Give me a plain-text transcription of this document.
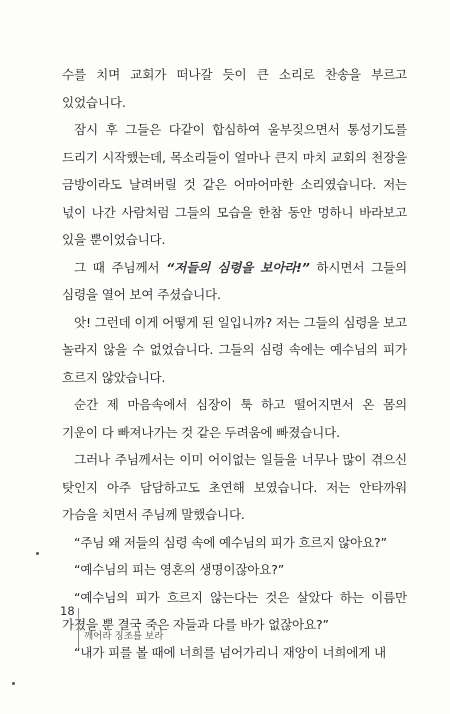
수를 치며 교회가 떠나갈 듯이 큰 소리로 찬송을 부르고 있었습니다.

잠시 후 그들은 다같이 합심하여 울부짖으면서 통성기도를 드리기 시작했는데, 목소리들이 얼마나 큰지 마치 교회의 천장을 금방이라도 날려버릴 것 같은 어마어마한 소리였습니다. 저는 넋이 나간 사람처럼 그들의 모습을 한참 동안 멍하니 바라보고 있을 뿐이었습니다.

그 때 주님께서 “저들의 심령을 보아라!” 하시면서 그들의 심령을 열어 보여 주셨습니다.

앗! 그런데 이게 어떻게 된 일입니까? 저는 그들의 심령을 보고 놀라지 않을 수 없었습니다. 그들의 심령 속에는 예수님의 피가 흐르지 않았습니다.

순간 제 마음속에서 심장이 툭 하고 떨어지면서 온 몸의 기운이 다 빠져나가는 것 같은 두려움에 빠졌습니다.

그러나 주님께서는 이미 어이없는 일들을 너무나 많이 겪으신 탓인지 아주 담담하고도 초연해 보였습니다. 저는 안타까워 가슴을 치면서 주님께 말했습니다.

“주님 왜 저들의 심령 속에 예수님의 피가 흐르지 않아요?”

“예수님의 피는 영혼의 생명이잖아요?”

“예수님의 피가 흐르지 않는다는 것은 살았다 하는 이름만 가졌을 뿐 결국 죽은 자들과 다를 바가 없잖아요?”

“내가 피를 볼 때에 너희를 넘어가리니 재앙이 너희에게 내

18
깨어라 징조를 보라
